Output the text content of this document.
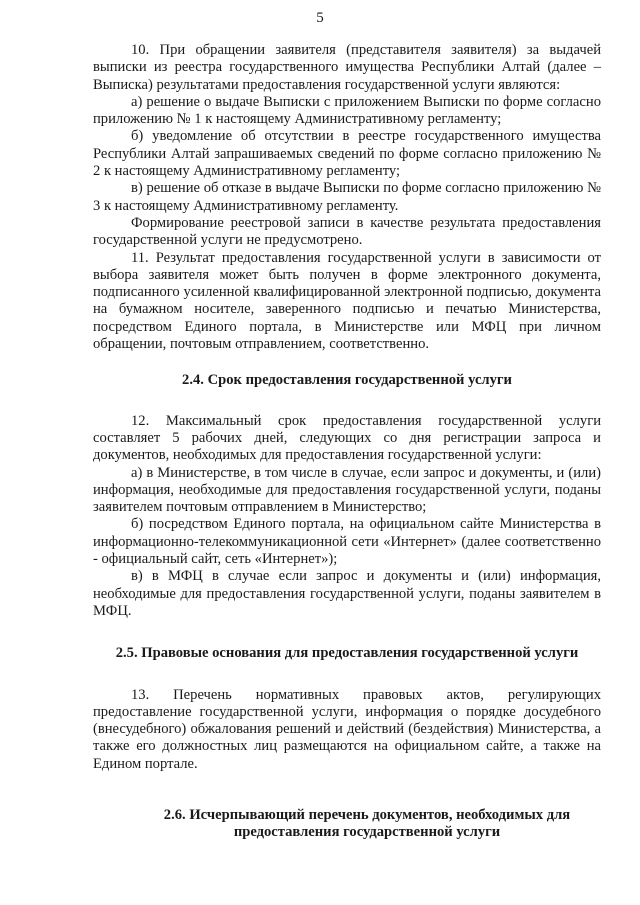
5

10. При обращении заявителя (представителя заявителя) за выдачей выписки из реестра государственного имущества Республики Алтай (далее – Выписка) результатами предоставления государственной услуги являются:

а) решение о выдаче Выписки с приложением Выписки по форме согласно приложению № 1 к настоящему Административному регламенту;

б) уведомление об отсутствии в реестре государственного имущества Республики Алтай запрашиваемых сведений по форме согласно приложению № 2 к настоящему Административному регламенту;

в) решение об отказе в выдаче Выписки по форме согласно приложению № 3 к настоящему Административному регламенту.

Формирование реестровой записи в качестве результата предоставления государственной услуги не предусмотрено.

11. Результат предоставления государственной услуги в зависимости от выбора заявителя может быть получен в форме электронного документа, подписанного усиленной квалифицированной электронной подписью, документа на бумажном носителе, заверенного подписью и печатью Министерства, посредством Единого портала, в Министерстве или МФЦ при личном обращении, почтовым отправлением, соответственно.

2.4. Срок предоставления государственной услуги

12. Максимальный срок предоставления государственной услуги составляет 5 рабочих дней, следующих со дня регистрации запроса и документов, необходимых для предоставления государственной услуги:

а) в Министерстве, в том числе в случае, если запрос и документы, и (или) информация, необходимые для предоставления государственной услуги, поданы заявителем почтовым отправлением в Министерство;

б) посредством Единого портала, на официальном сайте Министерства в информационно-телекоммуникационной сети «Интернет» (далее соответственно - официальный сайт, сеть «Интернет»);

в) в МФЦ в случае если запрос и документы и (или) информация, необходимые для предоставления государственной услуги, поданы заявителем в МФЦ.

2.5. Правовые основания для предоставления государственной услуги

13. Перечень нормативных правовых актов, регулирующих предоставление государственной услуги, информация о порядке досудебного (внесудебного) обжалования решений и действий (бездействия) Министерства, а также его должностных лиц размещаются на официальном сайте, а также на Едином портале.

2.6. Исчерпывающий перечень документов, необходимых для предоставления государственной услуги
